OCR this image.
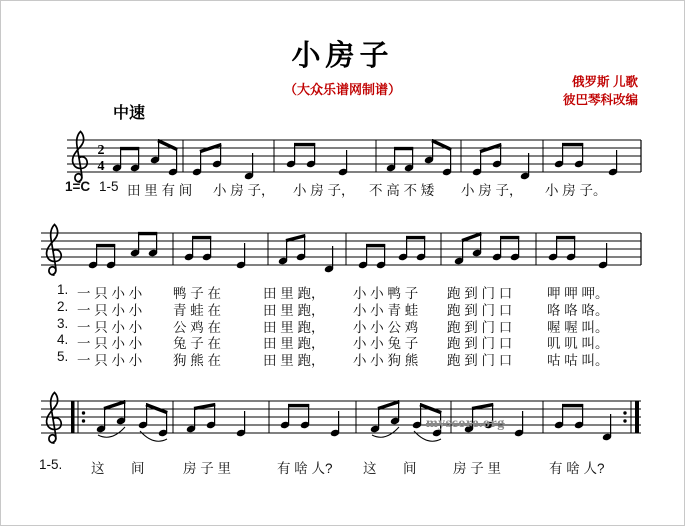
小房子
（大众乐谱网制谱）	俄罗斯 儿歌
彼巴琴科改编
中速
2
4
1=C 1-5 田 里 有 间 小 房 子， 小 房 子， 不 高 不 矮 小 房 子， 小 房 子。
1. 一 只 小 小 鸭 子 在	田 里 跑， 小 小 鸭 子 跑 到 门 口	呷 呷 呷。
2. 一 只 小 小 青 蛙 在	田 里 跑， 小 小 青 蛙 跑 到 门 口	咯 咯 咯。
3. 一 只 小 小 公 鸡 在	田 里 跑， 小 小 公 鸡 跑 到 门 口	喔 喔 叫。
4. 一 只 小 小 兔 子 在	田 里 跑， 小 小 兔 子 跑 到 门 口	叽 叽 叫。
5. 一 只 小 小 狗 熊 在	田 里 跑， 小 小 狗 熊 跑 到 门 口	咕 咕 叫。
1-5. 这 间	房 子 里	有 啥 人? 这 间	房 子 里	有 啥 人?
myscore.org
